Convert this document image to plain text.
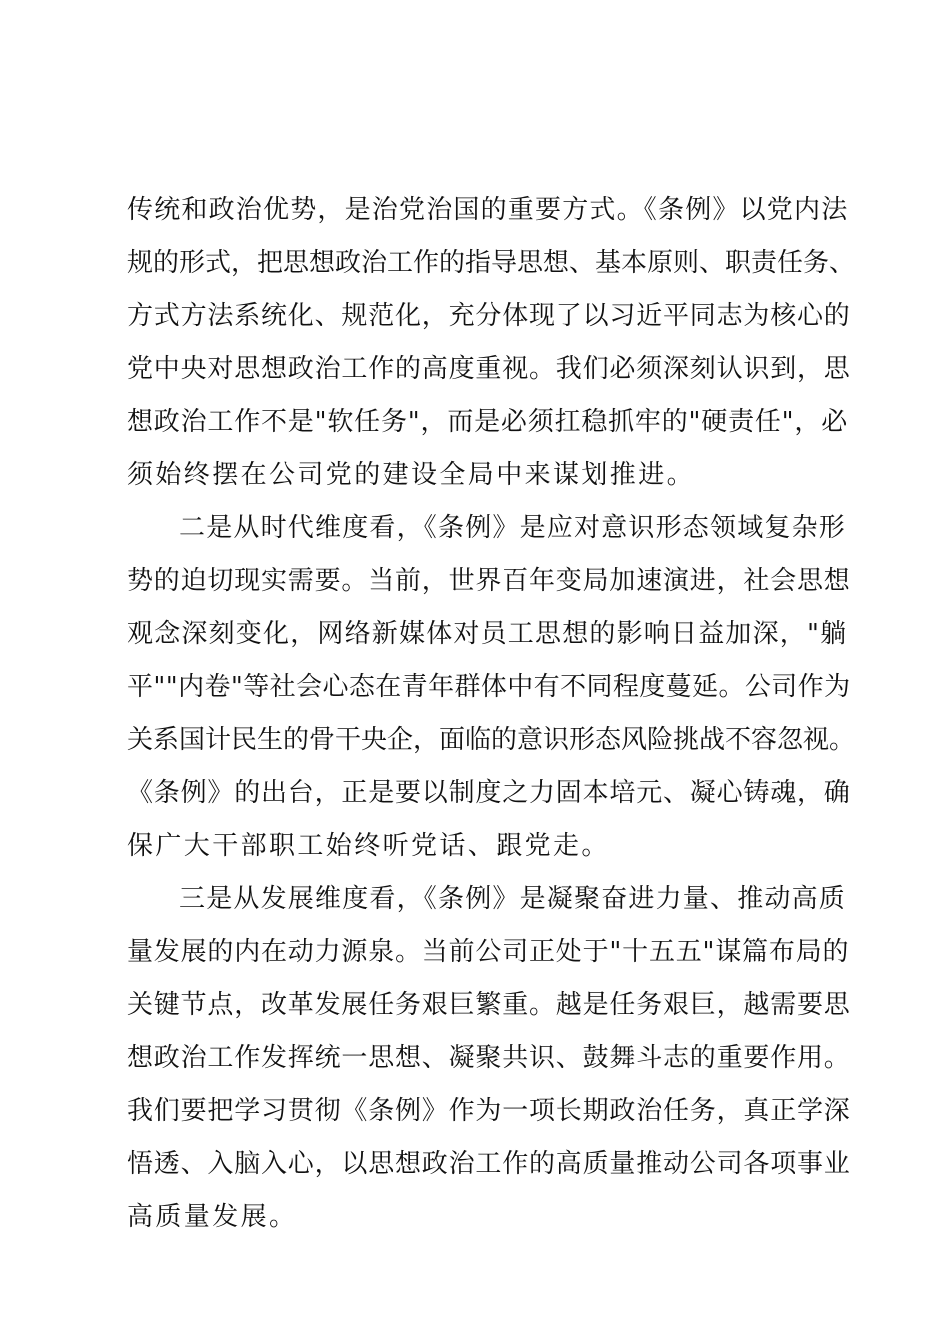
传统和政治优势，是治党治国的重要方式。《条例》以党内法
规的形式，把思想政治工作的指导思想、基本原则、职责任务、
方式方法系统化、规范化，充分体现了以习近平同志为核心的
党中央对思想政治工作的高度重视。我们必须深刻认识到，思
想政治工作不是"软任务"，而是必须扛稳抓牢的"硬责任"，必
须始终摆在公司党的建设全局中来谋划推进。
二是从时代维度看，《条例》是应对意识形态领域复杂形
势的迫切现实需要。当前，世界百年变局加速演进，社会思想
观念深刻变化，网络新媒体对员工思想的影响日益加深，"躺
平""内卷"等社会心态在青年群体中有不同程度蔓延。公司作为
关系国计民生的骨干央企，面临的意识形态风险挑战不容忽视。
《条例》的出台，正是要以制度之力固本培元、凝心铸魂，确
保广大干部职工始终听党话、跟党走。
三是从发展维度看，《条例》是凝聚奋进力量、推动高质
量发展的内在动力源泉。当前公司正处于"十五五"谋篇布局的
关键节点，改革发展任务艰巨繁重。越是任务艰巨，越需要思
想政治工作发挥统一思想、凝聚共识、鼓舞斗志的重要作用。
我们要把学习贯彻《条例》作为一项长期政治任务，真正学深
悟透、入脑入心，以思想政治工作的高质量推动公司各项事业
高质量发展。
